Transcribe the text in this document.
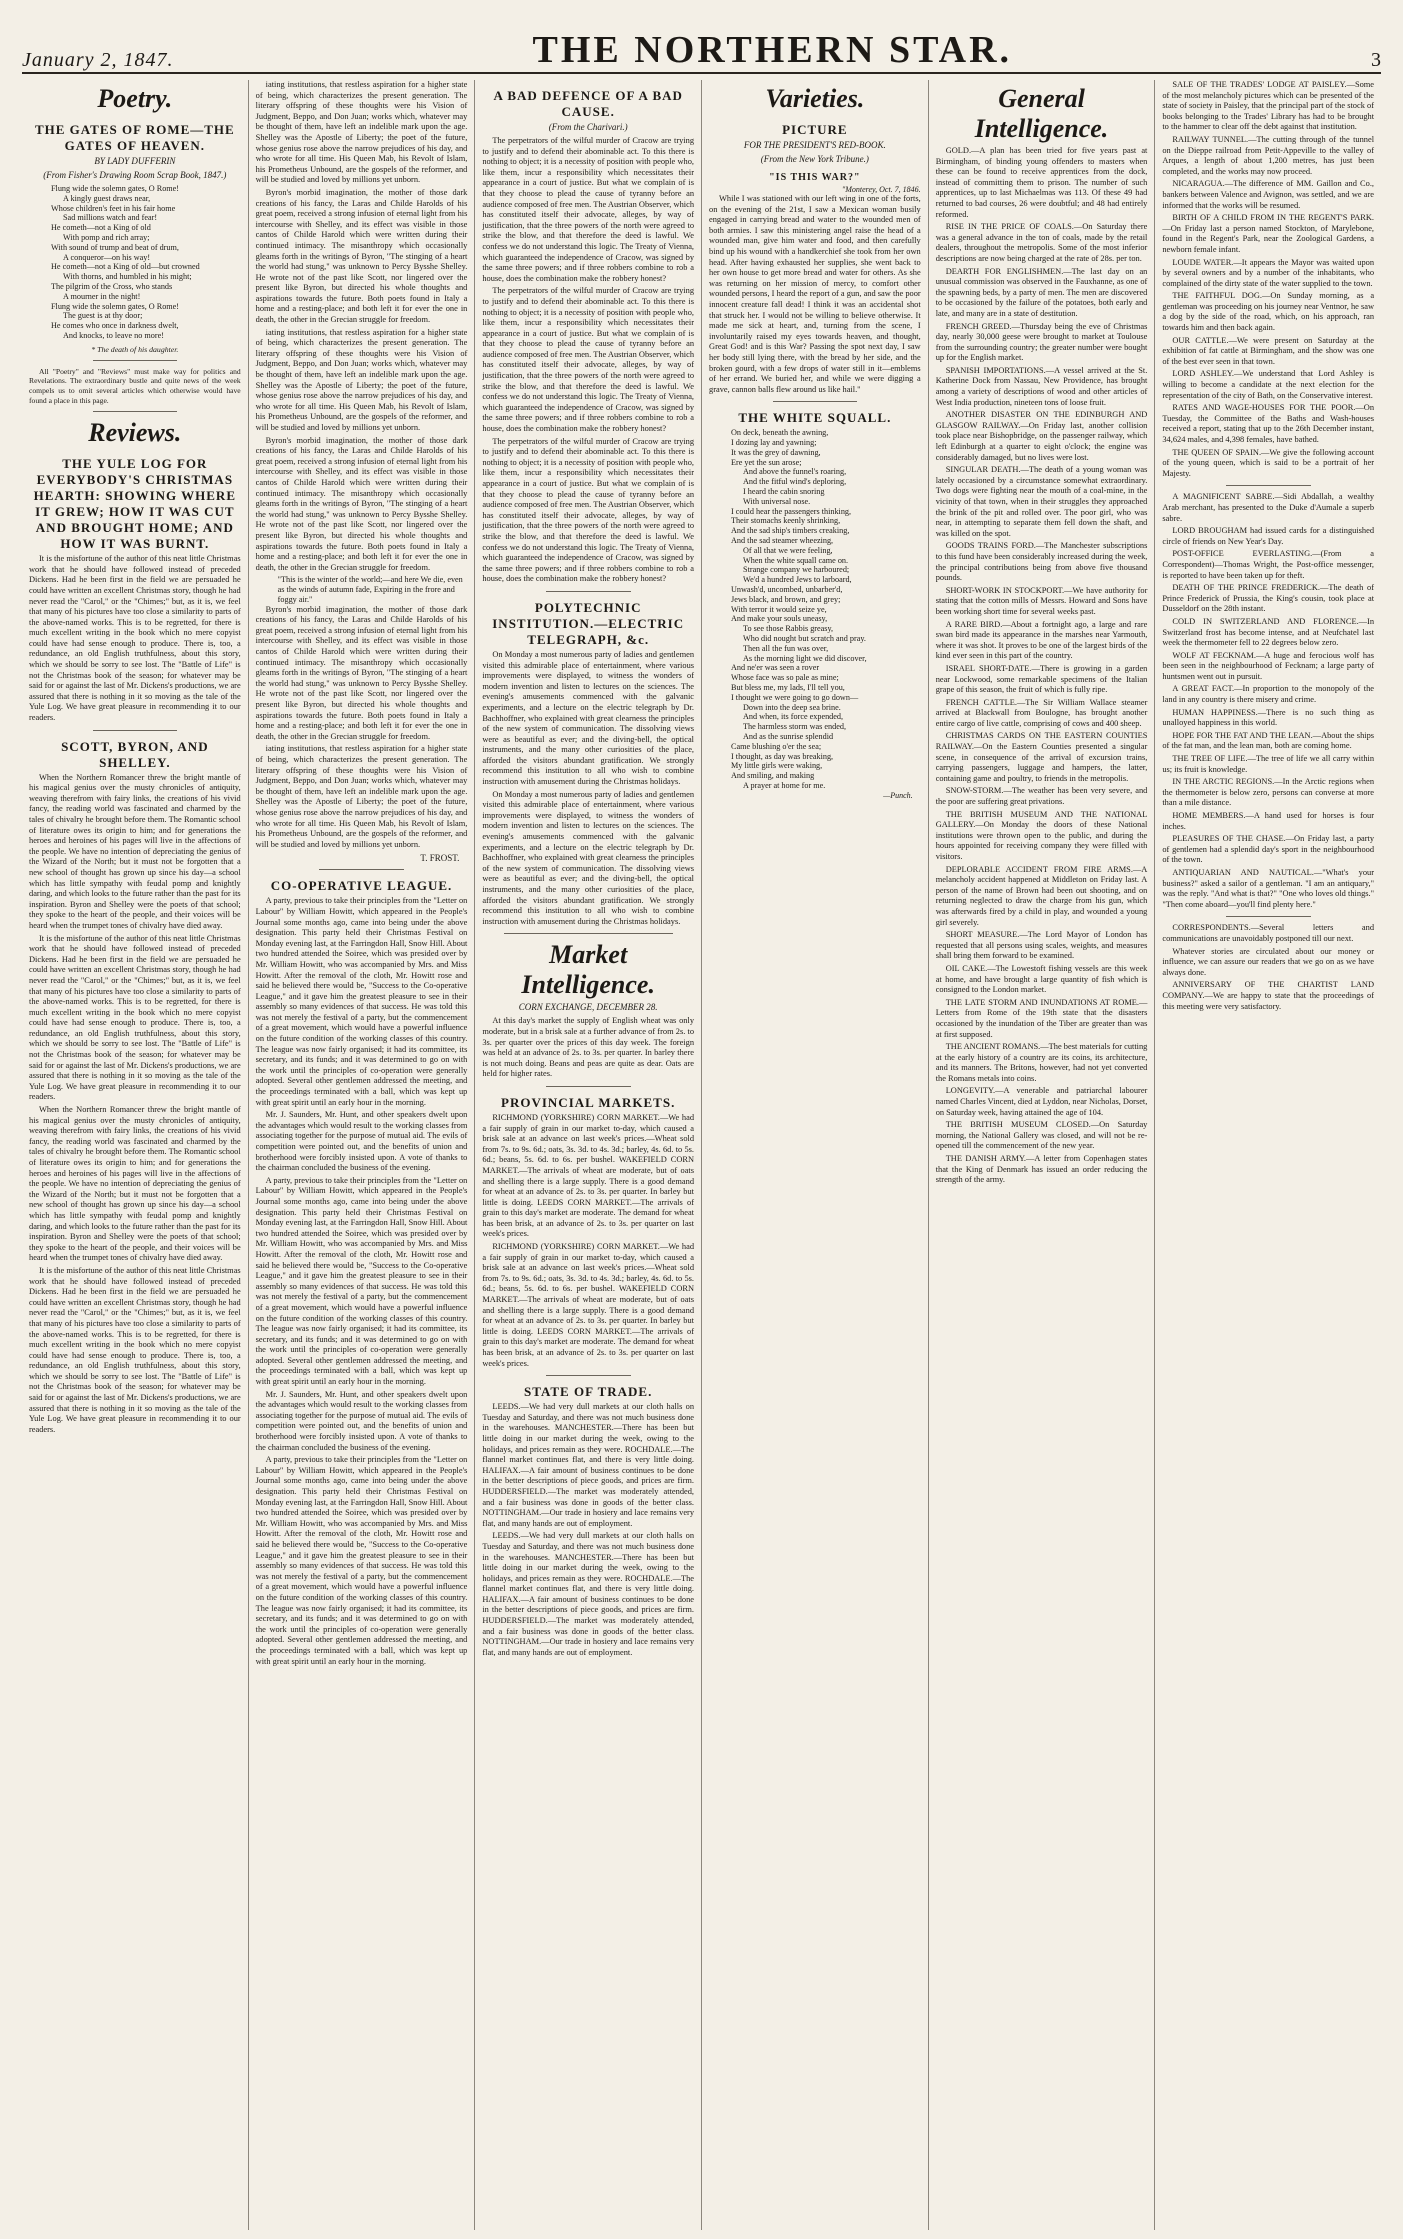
January 2, 1847.	THE NORTHERN STAR.	3
Poetry.
THE GATES OF ROME—THE GATES OF HEAVEN.
BY LADY DUFFERIN
(From Fisher's Drawing Room Scrap Book, 1847.)

Flung wide the solemn gates, O Rome!

A kingly guest draws near,

Whose children's feet in his fair home

Sad millions watch and fear!

He cometh—not a King of old

With pomp and rich array;

With sound of trump and beat of drum,

A conqueror—on his way!

He cometh—not a King of old—but crowned

With thorns, and humbled in his might;

The pilgrim of the Cross, who stands

A mourner in the night!

Flung wide the solemn gates, O Rome!

The guest is at thy door;

He comes who once in darkness dwelt,

And knocks, to leave no more!

* The death of his daughter.

All "Poetry" and "Reviews" must make way for politics and Revelations. The extraordinary bustle and quite news of the week compels us to omit several articles which otherwise would have found a place in this page.

Reviews.
THE YULE LOG FOR EVERYBODY'S CHRISTMAS HEARTH: SHOWING WHERE IT GREW; HOW IT WAS CUT AND BROUGHT HOME; AND HOW IT WAS BURNT.

It is the misfortune of the author of this neat little Christmas work that he should have followed instead of preceded Dickens. Had he been first in the field we are persuaded he could have written an excellent Christmas story, though he had never read the "Carol," or the "Chimes;" but, as it is, we feel that many of his pictures have too close a similarity to parts of the above-named works. This is to be regretted, for there is much excellent writing in the book which no mere copyist could have had sense enough to produce. There is, too, a redundance, an old English truthfulness, about this story, which we should be sorry to see lost. The "Battle of Life" is not the Christmas book of the season; for whatever may be said for or against the last of Mr. Dickens's productions, we are assured that there is nothing in it so moving as the tale of the Yule Log. We have great pleasure in recommending it to our readers.

SCOTT, BYRON, AND SHELLEY.

When the Northern Romancer threw the bright mantle of his magical genius over the musty chronicles of antiquity, weaving therefrom with fairy links, the creations of his vivid fancy, the reading world was fascinated and charmed by the tales of chivalry he brought before them. The Romantic school of literature owes its origin to him; and for generations the heroes and heroines of his pages will live in the affections of the people. We have no intention of depreciating the genius of the Wizard of the North; but it must not be forgotten that a new school of thought has grown up since his day—a school which has little sympathy with feudal pomp and knightly daring, and which looks to the future rather than the past for its inspiration. Byron and Shelley were the poets of that school; they spoke to the heart of the people, and their voices will be heard when the trumpet tones of chivalry have died away.

It is the misfortune of the author of this neat little Christmas work that he should have followed instead of preceded Dickens. Had he been first in the field we are persuaded he could have written an excellent Christmas story, though he had never read the "Carol," or the "Chimes;" but, as it is, we feel that many of his pictures have too close a similarity to parts of the above-named works. This is to be regretted, for there is much excellent writing in the book which no mere copyist could have had sense enough to produce. There is, too, a redundance, an old English truthfulness, about this story, which we should be sorry to see lost. The "Battle of Life" is not the Christmas book of the season; for whatever may be said for or against the last of Mr. Dickens's productions, we are assured that there is nothing in it so moving as the tale of the Yule Log. We have great pleasure in recommending it to our readers.

When the Northern Romancer threw the bright mantle of his magical genius over the musty chronicles of antiquity, weaving therefrom with fairy links, the creations of his vivid fancy, the reading world was fascinated and charmed by the tales of chivalry he brought before them. The Romantic school of literature owes its origin to him; and for generations the heroes and heroines of his pages will live in the affections of the people. We have no intention of depreciating the genius of the Wizard of the North; but it must not be forgotten that a new school of thought has grown up since his day—a school which has little sympathy with feudal pomp and knightly daring, and which looks to the future rather than the past for its inspiration. Byron and Shelley were the poets of that school; they spoke to the heart of the people, and their voices will be heard when the trumpet tones of chivalry have died away.

It is the misfortune of the author of this neat little Christmas work that he should have followed instead of preceded Dickens. Had he been first in the field we are persuaded he could have written an excellent Christmas story, though he had never read the "Carol," or the "Chimes;" but, as it is, we feel that many of his pictures have too close a similarity to parts of the above-named works. This is to be regretted, for there is much excellent writing in the book which no mere copyist could have had sense enough to produce. There is, too, a redundance, an old English truthfulness, about this story, which we should be sorry to see lost. The "Battle of Life" is not the Christmas book of the season; for whatever may be said for or against the last of Mr. Dickens's productions, we are assured that there is nothing in it so moving as the tale of the Yule Log. We have great pleasure in recommending it to our readers.

iating institutions, that restless aspiration for a higher state of being, which characterizes the present generation. The literary offspring of these thoughts were his Vision of Judgment, Beppo, and Don Juan; works which, whatever may be thought of them, have left an indelible mark upon the age. Shelley was the Apostle of Liberty; the poet of the future, whose genius rose above the narrow prejudices of his day, and who wrote for all time. His Queen Mab, his Revolt of Islam, his Prometheus Unbound, are the gospels of the reformer, and will be studied and loved by millions yet unborn.

Byron's morbid imagination, the mother of those dark creations of his fancy, the Laras and Childe Harolds of his great poem, received a strong infusion of eternal light from his intercourse with Shelley, and its effect was visible in those cantos of Childe Harold which were written during their continued intimacy. The misanthropy which occasionally gleams forth in the writings of Byron, "The stinging of a heart the world had stung," was unknown to Percy Bysshe Shelley. He wrote not of the past like Scott, nor lingered over the present like Byron, but directed his whole thoughts and aspirations towards the future. Both poets found in Italy a home and a resting-place; and both left it for ever the one in death, the other in the Grecian struggle for freedom.

iating institutions, that restless aspiration for a higher state of being, which characterizes the present generation. The literary offspring of these thoughts were his Vision of Judgment, Beppo, and Don Juan; works which, whatever may be thought of them, have left an indelible mark upon the age. Shelley was the Apostle of Liberty; the poet of the future, whose genius rose above the narrow prejudices of his day, and who wrote for all time. His Queen Mab, his Revolt of Islam, his Prometheus Unbound, are the gospels of the reformer, and will be studied and loved by millions yet unborn.

Byron's morbid imagination, the mother of those dark creations of his fancy, the Laras and Childe Harolds of his great poem, received a strong infusion of eternal light from his intercourse with Shelley, and its effect was visible in those cantos of Childe Harold which were written during their continued intimacy. The misanthropy which occasionally gleams forth in the writings of Byron, "The stinging of a heart the world had stung," was unknown to Percy Bysshe Shelley. He wrote not of the past like Scott, nor lingered over the present like Byron, but directed his whole thoughts and aspirations towards the future. Both poets found in Italy a home and a resting-place; and both left it for ever the one in death, the other in the Grecian struggle for freedom.

"This is the winter of the world;—and here We die, even as the winds of autumn fade, Expiring in the frore and foggy air."

Byron's morbid imagination, the mother of those dark creations of his fancy, the Laras and Childe Harolds of his great poem, received a strong infusion of eternal light from his intercourse with Shelley, and its effect was visible in those cantos of Childe Harold which were written during their continued intimacy. The misanthropy which occasionally gleams forth in the writings of Byron, "The stinging of a heart the world had stung," was unknown to Percy Bysshe Shelley. He wrote not of the past like Scott, nor lingered over the present like Byron, but directed his whole thoughts and aspirations towards the future. Both poets found in Italy a home and a resting-place; and both left it for ever the one in death, the other in the Grecian struggle for freedom.

iating institutions, that restless aspiration for a higher state of being, which characterizes the present generation. The literary offspring of these thoughts were his Vision of Judgment, Beppo, and Don Juan; works which, whatever may be thought of them, have left an indelible mark upon the age. Shelley was the Apostle of Liberty; the poet of the future, whose genius rose above the narrow prejudices of his day, and who wrote for all time. His Queen Mab, his Revolt of Islam, his Prometheus Unbound, are the gospels of the reformer, and will be studied and loved by millions yet unborn.

T. FROST.
CO-OPERATIVE LEAGUE.

A party, previous to take their principles from the "Letter on Labour" by William Howitt, which appeared in the People's Journal some months ago, came into being under the above designation. This party held their Christmas Festival on Monday evening last, at the Farringdon Hall, Snow Hill. About two hundred attended the Soiree, which was presided over by Mr. William Howitt, who was accompanied by Mrs. and Miss Howitt. After the removal of the cloth, Mr. Howitt rose and said he believed there would be, "Success to the Co-operative League," and it gave him the greatest pleasure to see in their assembly so many evidences of that success. He was told this was not merely the festival of a party, but the commencement of a great movement, which would have a powerful influence on the future condition of the working classes of this country. The league was now fairly organised; it had its committee, its secretary, and its funds; and it was determined to go on with the work until the principles of co-operation were generally adopted. Several other gentlemen addressed the meeting, and the proceedings terminated with a ball, which was kept up with great spirit until an early hour in the morning.

Mr. J. Saunders, Mr. Hunt, and other speakers dwelt upon the advantages which would result to the working classes from associating together for the purpose of mutual aid. The evils of competition were pointed out, and the benefits of union and brotherhood were forcibly insisted upon. A vote of thanks to the chairman concluded the business of the evening.

A party, previous to take their principles from the "Letter on Labour" by William Howitt, which appeared in the People's Journal some months ago, came into being under the above designation. This party held their Christmas Festival on Monday evening last, at the Farringdon Hall, Snow Hill. About two hundred attended the Soiree, which was presided over by Mr. William Howitt, who was accompanied by Mrs. and Miss Howitt. After the removal of the cloth, Mr. Howitt rose and said he believed there would be, "Success to the Co-operative League," and it gave him the greatest pleasure to see in their assembly so many evidences of that success. He was told this was not merely the festival of a party, but the commencement of a great movement, which would have a powerful influence on the future condition of the working classes of this country. The league was now fairly organised; it had its committee, its secretary, and its funds; and it was determined to go on with the work until the principles of co-operation were generally adopted. Several other gentlemen addressed the meeting, and the proceedings terminated with a ball, which was kept up with great spirit until an early hour in the morning.

Mr. J. Saunders, Mr. Hunt, and other speakers dwelt upon the advantages which would result to the working classes from associating together for the purpose of mutual aid. The evils of competition were pointed out, and the benefits of union and brotherhood were forcibly insisted upon. A vote of thanks to the chairman concluded the business of the evening.

A party, previous to take their principles from the "Letter on Labour" by William Howitt, which appeared in the People's Journal some months ago, came into being under the above designation. This party held their Christmas Festival on Monday evening last, at the Farringdon Hall, Snow Hill. About two hundred attended the Soiree, which was presided over by Mr. William Howitt, who was accompanied by Mrs. and Miss Howitt. After the removal of the cloth, Mr. Howitt rose and said he believed there would be, "Success to the Co-operative League," and it gave him the greatest pleasure to see in their assembly so many evidences of that success. He was told this was not merely the festival of a party, but the commencement of a great movement, which would have a powerful influence on the future condition of the working classes of this country. The league was now fairly organised; it had its committee, its secretary, and its funds; and it was determined to go on with the work until the principles of co-operation were generally adopted. Several other gentlemen addressed the meeting, and the proceedings terminated with a ball, which was kept up with great spirit until an early hour in the morning.

A BAD DEFENCE OF A BAD CAUSE.
(From the Charivari.)

The perpetrators of the wilful murder of Cracow are trying to justify and to defend their abominable act. To this there is nothing to object; it is a necessity of position with people who, like them, incur a responsibility which necessitates their appearance in a court of justice. But what we complain of is that they choose to plead the cause of tyranny before an audience composed of free men. The Austrian Observer, which has constituted itself their advocate, alleges, by way of justification, that the three powers of the north were agreed to strike the blow, and that therefore the deed is lawful. We confess we do not understand this logic. The Treaty of Vienna, which guaranteed the independence of Cracow, was signed by the same three powers; and if three robbers combine to rob a house, does the combination make the robbery honest?

The perpetrators of the wilful murder of Cracow are trying to justify and to defend their abominable act. To this there is nothing to object; it is a necessity of position with people who, like them, incur a responsibility which necessitates their appearance in a court of justice. But what we complain of is that they choose to plead the cause of tyranny before an audience composed of free men. The Austrian Observer, which has constituted itself their advocate, alleges, by way of justification, that the three powers of the north were agreed to strike the blow, and that therefore the deed is lawful. We confess we do not understand this logic. The Treaty of Vienna, which guaranteed the independence of Cracow, was signed by the same three powers; and if three robbers combine to rob a house, does the combination make the robbery honest?

The perpetrators of the wilful murder of Cracow are trying to justify and to defend their abominable act. To this there is nothing to object; it is a necessity of position with people who, like them, incur a responsibility which necessitates their appearance in a court of justice. But what we complain of is that they choose to plead the cause of tyranny before an audience composed of free men. The Austrian Observer, which has constituted itself their advocate, alleges, by way of justification, that the three powers of the north were agreed to strike the blow, and that therefore the deed is lawful. We confess we do not understand this logic. The Treaty of Vienna, which guaranteed the independence of Cracow, was signed by the same three powers; and if three robbers combine to rob a house, does the combination make the robbery honest?

POLYTECHNIC INSTITUTION.—ELECTRIC TELEGRAPH, &c.

On Monday a most numerous party of ladies and gentlemen visited this admirable place of entertainment, where various improvements were displayed, to witness the wonders of modern invention and listen to lectures on the sciences. The evening's amusements commenced with the galvanic experiments, and a lecture on the electric telegraph by Dr. Bachhoffner, who explained with great clearness the principles of the new system of communication. The dissolving views were as beautiful as ever; and the diving-bell, the optical instruments, and the many other curiosities of the place, afforded the visitors abundant gratification. We strongly recommend this institution to all who wish to combine instruction with amusement during the Christmas holidays.

On Monday a most numerous party of ladies and gentlemen visited this admirable place of entertainment, where various improvements were displayed, to witness the wonders of modern invention and listen to lectures on the sciences. The evening's amusements commenced with the galvanic experiments, and a lecture on the electric telegraph by Dr. Bachhoffner, who explained with great clearness the principles of the new system of communication. The dissolving views were as beautiful as ever; and the diving-bell, the optical instruments, and the many other curiosities of the place, afforded the visitors abundant gratification. We strongly recommend this institution to all who wish to combine instruction with amusement during the Christmas holidays.

Market Intelligence.
CORN EXCHANGE, DECEMBER 28.

At this day's market the supply of English wheat was only moderate, but in a brisk sale at a further advance of from 2s. to 3s. per quarter over the prices of this day week. The foreign was held at an advance of 2s. to 3s. per quarter. In barley there is not much doing. Beans and peas are quite as dear. Oats are held for higher rates.

PROVINCIAL MARKETS.

RICHMOND (YORKSHIRE) CORN MARKET.—We had a fair supply of grain in our market to-day, which caused a brisk sale at an advance on last week's prices.—Wheat sold from 7s. to 9s. 6d.; oats, 3s. 3d. to 4s. 3d.; barley, 4s. 6d. to 5s. 6d.; beans, 5s. 6d. to 6s. per bushel. WAKEFIELD CORN MARKET.—The arrivals of wheat are moderate, but of oats and shelling there is a large supply. There is a good demand for wheat at an advance of 2s. to 3s. per quarter. In barley but little is doing. LEEDS CORN MARKET.—The arrivals of grain to this day's market are moderate. The demand for wheat has been brisk, at an advance of 2s. to 3s. per quarter on last week's prices.

RICHMOND (YORKSHIRE) CORN MARKET.—We had a fair supply of grain in our market to-day, which caused a brisk sale at an advance on last week's prices.—Wheat sold from 7s. to 9s. 6d.; oats, 3s. 3d. to 4s. 3d.; barley, 4s. 6d. to 5s. 6d.; beans, 5s. 6d. to 6s. per bushel. WAKEFIELD CORN MARKET.—The arrivals of wheat are moderate, but of oats and shelling there is a large supply. There is a good demand for wheat at an advance of 2s. to 3s. per quarter. In barley but little is doing. LEEDS CORN MARKET.—The arrivals of grain to this day's market are moderate. The demand for wheat has been brisk, at an advance of 2s. to 3s. per quarter on last week's prices.

STATE OF TRADE.

LEEDS.—We had very dull markets at our cloth halls on Tuesday and Saturday, and there was not much business done in the warehouses. MANCHESTER.—There has been but little doing in our market during the week, owing to the holidays, and prices remain as they were. ROCHDALE.—The flannel market continues flat, and there is very little doing. HALIFAX.—A fair amount of business continues to be done in the better descriptions of piece goods, and prices are firm. HUDDERSFIELD.—The market was moderately attended, and a fair business was done in goods of the better class. NOTTINGHAM.—Our trade in hosiery and lace remains very flat, and many hands are out of employment.

LEEDS.—We had very dull markets at our cloth halls on Tuesday and Saturday, and there was not much business done in the warehouses. MANCHESTER.—There has been but little doing in our market during the week, owing to the holidays, and prices remain as they were. ROCHDALE.—The flannel market continues flat, and there is very little doing. HALIFAX.—A fair amount of business continues to be done in the better descriptions of piece goods, and prices are firm. HUDDERSFIELD.—The market was moderately attended, and a fair business was done in goods of the better class. NOTTINGHAM.—Our trade in hosiery and lace remains very flat, and many hands are out of employment.

Varieties.
PICTURE
FOR THE PRESIDENT'S RED-BOOK.
(From the New York Tribune.)
"IS THIS WAR?"
"Monterey, Oct. 7, 1846.

While I was stationed with our left wing in one of the forts, on the evening of the 21st, I saw a Mexican woman busily engaged in carrying bread and water to the wounded men of both armies. I saw this ministering angel raise the head of a wounded man, give him water and food, and then carefully bind up his wound with a handkerchief she took from her own head. After having exhausted her supplies, she went back to her own house to get more bread and water for others. As she was returning on her mission of mercy, to comfort other wounded persons, I heard the report of a gun, and saw the poor innocent creature fall dead! I think it was an accidental shot that struck her. I would not be willing to believe otherwise. It made me sick at heart, and, turning from the scene, I involuntarily raised my eyes towards heaven, and thought, Great God! and is this War? Passing the spot next day, I saw her body still lying there, with the bread by her side, and the broken gourd, with a few drops of water still in it—emblems of her errand. We buried her, and while we were digging a grave, cannon balls flew around us like hail."

THE WHITE SQUALL.

On deck, beneath the awning,

I dozing lay and yawning;

It was the grey of dawning,

Ere yet the sun arose;

And above the funnel's roaring,

And the fitful wind's deploring,

I heard the cabin snoring

With universal nose.

I could hear the passengers thinking,

Their stomachs keenly shrinking,

And the sad ship's timbers creaking,

And the sad steamer wheezing,

Of all that we were feeling,

When the white squall came on.

Strange company we harboured;

We'd a hundred Jews to larboard,

Unwash'd, uncombed, unbarber'd,

Jews black, and brown, and grey;

With terror it would seize ye,

And make your souls uneasy,

To see those Rabbis greasy,

Who did nought but scratch and pray.

Then all the fun was over,

As the morning light we did discover,

And ne'er was seen a rover

Whose face was so pale as mine;

But bless me, my lads, I'll tell you,

I thought we were going to go down—

Down into the deep sea brine.

And when, its force expended,

The harmless storm was ended,

And as the sunrise splendid

Came blushing o'er the sea;

I thought, as day was breaking,

My little girls were waking,

And smiling, and making

A prayer at home for me.

—Punch.
General Intelligence.

GOLD.—A plan has been tried for five years past at Birmingham, of binding young offenders to masters when these can be found to receive apprentices from the dock, instead of committing them to prison. The number of such apprentices, up to last Michaelmas was 113. Of these 49 had returned to bad courses, 26 were doubtful; and 48 had entirely reformed.

RISE IN THE PRICE OF COALS.—On Saturday there was a general advance in the ton of coals, made by the retail dealers, throughout the metropolis. Some of the most inferior descriptions are now being charged at the rate of 28s. per ton.

DEARTH FOR ENGLISHMEN.—The last day on an unusual commission was observed in the Fauxhanne, as one of the spawning beds, by a party of men. The men are discovered to be occasioned by the failure of the potatoes, both early and late, and many are in a state of destitution.

FRENCH GREED.—Thursday being the eve of Christmas day, nearly 30,000 geese were brought to market at Toulouse from the surrounding country; the greater number were bought up for the English market.

SPANISH IMPORTATIONS.—A vessel arrived at the St. Katherine Dock from Nassau, New Providence, has brought among a variety of descriptions of wood and other articles of West India production, nineteen tons of loose fruit.

ANOTHER DISASTER ON THE EDINBURGH AND GLASGOW RAILWAY.—On Friday last, another collision took place near Bishopbridge, on the passenger railway, which left Edinburgh at a quarter to eight o'clock; the engine was considerably damaged, but no lives were lost.

SINGULAR DEATH.—The death of a young woman was lately occasioned by a circumstance somewhat extraordinary. Two dogs were fighting near the mouth of a coal-mine, in the vicinity of that town, when in their struggles they approached the brink of the pit and rolled over. The poor girl, who was near, in attempting to separate them fell down the shaft, and was killed on the spot.

GOODS TRAINS FORD.—The Manchester subscriptions to this fund have been considerably increased during the week, the principal contributions being from above five thousand pounds.

SHORT-WORK IN STOCKPORT.—We have authority for stating that the cotton mills of Messrs. Howard and Sons have been working short time for several weeks past.

A RARE BIRD.—About a fortnight ago, a large and rare swan bird made its appearance in the marshes near Yarmouth, where it was shot. It proves to be one of the largest birds of the kind ever seen in this part of the country.

ISRAEL SHORT-DATE.—There is growing in a garden near Lockwood, some remarkable specimens of the Italian grape of this season, the fruit of which is fully ripe.

FRENCH CATTLE.—The Sir William Wallace steamer arrived at Blackwall from Boulogne, has brought another entire cargo of live cattle, comprising of cows and 400 sheep.

CHRISTMAS CARDS ON THE EASTERN COUNTIES RAILWAY.—On the Eastern Counties presented a singular scene, in consequence of the arrival of excursion trains, carrying passengers, luggage and hampers, the latter, containing game and poultry, to friends in the metropolis.

SNOW-STORM.—The weather has been very severe, and the poor are suffering great privations.

THE BRITISH MUSEUM AND THE NATIONAL GALLERY.—On Monday the doors of these National institutions were thrown open to the public, and during the hours appointed for receiving company they were filled with visitors.

DEPLORABLE ACCIDENT FROM FIRE ARMS.—A melancholy accident happened at Middleton on Friday last. A person of the name of Brown had been out shooting, and on returning neglected to draw the charge from his gun, which was afterwards fired by a child in play, and wounded a young girl severely.

SHORT MEASURE.—The Lord Mayor of London has requested that all persons using scales, weights, and measures shall bring them forward to be examined.

OIL CAKE.—The Lowestoft fishing vessels are this week at home, and have brought a large quantity of fish which is consigned to the London market.

THE LATE STORM AND INUNDATIONS AT ROME.—Letters from Rome of the 19th state that the disasters occasioned by the inundation of the Tiber are greater than was at first supposed.

THE ANCIENT ROMANS.—The best materials for cutting at the early history of a country are its coins, its architecture, and its manners. The Britons, however, had not yet converted the Romans metals into coins.

LONGEVITY.—A venerable and patriarchal labourer named Charles Vincent, died at Lyddon, near Nicholas, Dorset, on Saturday week, having attained the age of 104.

THE BRITISH MUSEUM CLOSED.—On Saturday morning, the National Gallery was closed, and will not be re-opened till the commencement of the new year.

THE DANISH ARMY.—A letter from Copenhagen states that the King of Denmark has issued an order reducing the strength of the army.

SALE OF THE TRADES' LODGE AT PAISLEY.—Some of the most melancholy pictures which can be presented of the state of society in Paisley, that the principal part of the stock of books belonging to the Trades' Library has had to be brought to the hammer to clear off the debt against that institution.

RAILWAY TUNNEL.—The cutting through of the tunnel on the Dieppe railroad from Petit-Appeville to the valley of Arques, a length of about 1,200 metres, has just been completed, and the works may now proceed.

NICARAGUA.—The difference of MM. Gaillon and Co., bankers between Valence and Avignon, was settled, and we are informed that the works will be resumed.

BIRTH OF A CHILD FROM IN THE REGENT'S PARK.—On Friday last a person named Stockton, of Marylebone, found in the Regent's Park, near the Zoological Gardens, a newborn female infant.

LOUDE WATER.—It appears the Mayor was waited upon by several owners and by a number of the inhabitants, who complained of the dirty state of the water supplied to the town.

THE FAITHFUL DOG.—On Sunday morning, as a gentleman was proceeding on his journey near Ventnor, he saw a dog by the side of the road, which, on his approach, ran towards him and then back again.

OUR CATTLE.—We were present on Saturday at the exhibition of fat cattle at Birmingham, and the show was one of the best ever seen in that town.

LORD ASHLEY.—We understand that Lord Ashley is willing to become a candidate at the next election for the representation of the city of Bath, on the Conservative interest.

RATES AND WAGE-HOUSES FOR THE POOR.—On Tuesday, the Committee of the Baths and Wash-houses received a report, stating that up to the 26th December instant, 34,624 males, and 4,398 females, have bathed.

THE QUEEN OF SPAIN.—We give the following account of the young queen, which is said to be a portrait of her Majesty.

A MAGNIFICENT SABRE.—Sidi Abdallah, a wealthy Arab merchant, has presented to the Duke d'Aumale a superb sabre.

LORD BROUGHAM had issued cards for a distinguished circle of friends on New Year's Day.

POST-OFFICE EVERLASTING.—(From a Correspondent)—Thomas Wright, the Post-office messenger, is reported to have been taken up for theft.

DEATH OF THE PRINCE FREDERICK.—The death of Prince Frederick of Prussia, the King's cousin, took place at Dusseldorf on the 28th instant.

COLD IN SWITZERLAND AND FLORENCE.—In Switzerland frost has become intense, and at Neufchatel last week the thermometer fell to 22 degrees below zero.

WOLF AT FECKNAM.—A huge and ferocious wolf has been seen in the neighbourhood of Fecknam; a large party of huntsmen went out in pursuit.

A GREAT FACT.—In proportion to the monopoly of the land in any country is there misery and crime.

HUMAN HAPPINESS.—There is no such thing as unalloyed happiness in this world.

HOPE FOR THE FAT AND THE LEAN.—About the ships of the fat man, and the lean man, both are coming home.

THE TREE OF LIFE.—The tree of life we all carry within us; its fruit is knowledge.

IN THE ARCTIC REGIONS.—In the Arctic regions when the thermometer is below zero, persons can converse at more than a mile distance.

HOME MEMBERS.—A hand used for horses is four inches.

PLEASURES OF THE CHASE.—On Friday last, a party of gentlemen had a splendid day's sport in the neighbourhood of the town.

ANTIQUARIAN AND NAUTICAL.—"What's your business?" asked a sailor of a gentleman. "I am an antiquary," was the reply. "And what is that?" "One who loves old things." "Then come aboard—you'll find plenty here."

CORRESPONDENTS.—Several letters and communications are unavoidably postponed till our next.

Whatever stories are circulated about our money or influence, we can assure our readers that we go on as we have always done.

ANNIVERSARY OF THE CHARTIST LAND COMPANY.—We are happy to state that the proceedings of this meeting were very satisfactory.
